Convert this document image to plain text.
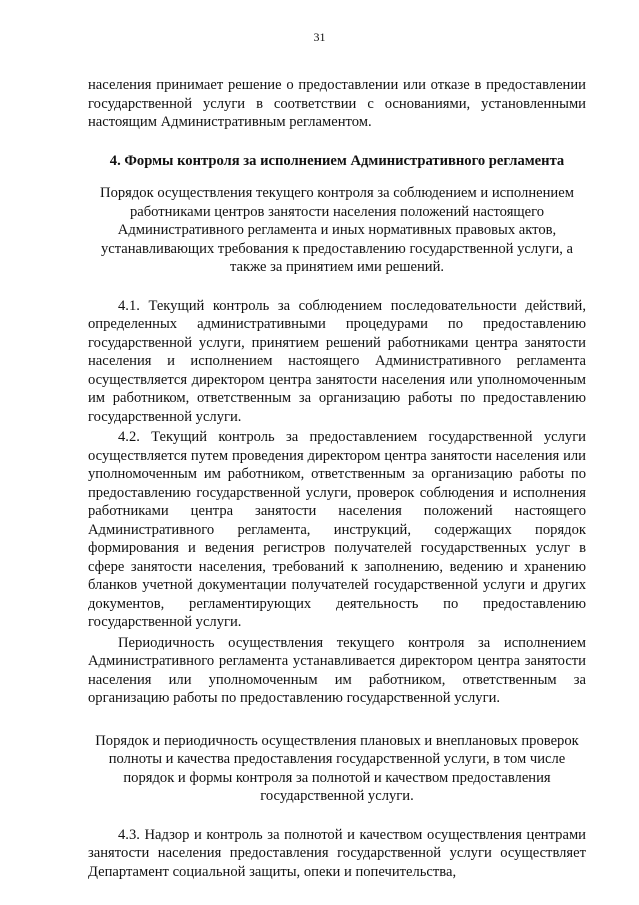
31

населения принимает решение о предоставлении или отказе в предоставлении государственной услуги в соответствии с основаниями, установленными настоящим Административным регламентом.

4. Формы контроля за исполнением Административного регламента

Порядок осуществления текущего контроля за соблюдением и исполнением работниками центров занятости населения положений настоящего Административного регламента и иных нормативных правовых актов, устанавливающих требования к предоставлению государственной услуги, а также за принятием ими решений.

4.1. Текущий контроль за соблюдением последовательности действий, определенных административными процедурами по предоставлению государственной услуги, принятием решений работниками центра занятости населения и исполнением настоящего Административного регламента осуществляется директором центра занятости населения или уполномоченным им работником, ответственным за организацию работы по предоставлению государственной услуги.

4.2. Текущий контроль за предоставлением государственной услуги осуществляется путем проведения директором центра занятости населения или уполномоченным им работником, ответственным за организацию работы по предоставлению государственной услуги, проверок соблюдения и исполнения работниками центра занятости населения положений настоящего Административного регламента, инструкций, содержащих порядок формирования и ведения регистров получателей государственных услуг в сфере занятости населения, требований к заполнению, ведению и хранению бланков учетной документации получателей государственной услуги и других документов, регламентирующих деятельность по предоставлению государственной услуги.

Периодичность осуществления текущего контроля за исполнением Административного регламента устанавливается директором центра занятости населения или уполномоченным им работником, ответственным за организацию работы по предоставлению государственной услуги.

Порядок и периодичность осуществления плановых и внеплановых проверок полноты и качества предоставления государственной услуги, в том числе порядок и формы контроля за полнотой и качеством предоставления государственной услуги.

4.3. Надзор и контроль за полнотой и качеством осуществления центрами занятости населения предоставления государственной услуги осуществляет Департамент социальной защиты, опеки и попечительства,
